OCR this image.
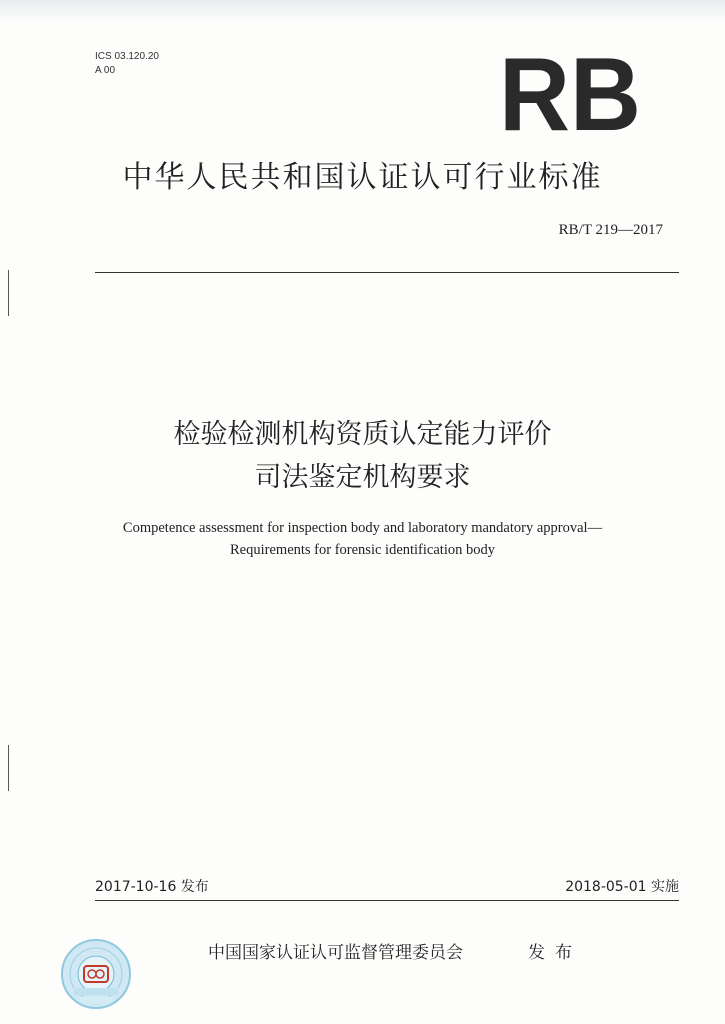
ICS 03.120.20
A 00	RB
中华人民共和国认证认可行业标准
RB/T 219—2017
检验检测机构资质认定能力评价
司法鉴定机构要求
Competence assessment for inspection body and laboratory mandatory approval—
Requirements for forensic identification body
2017-10-16 发布	2018-05-01 实施
中国国家认证认可监督管理委员会	发布
